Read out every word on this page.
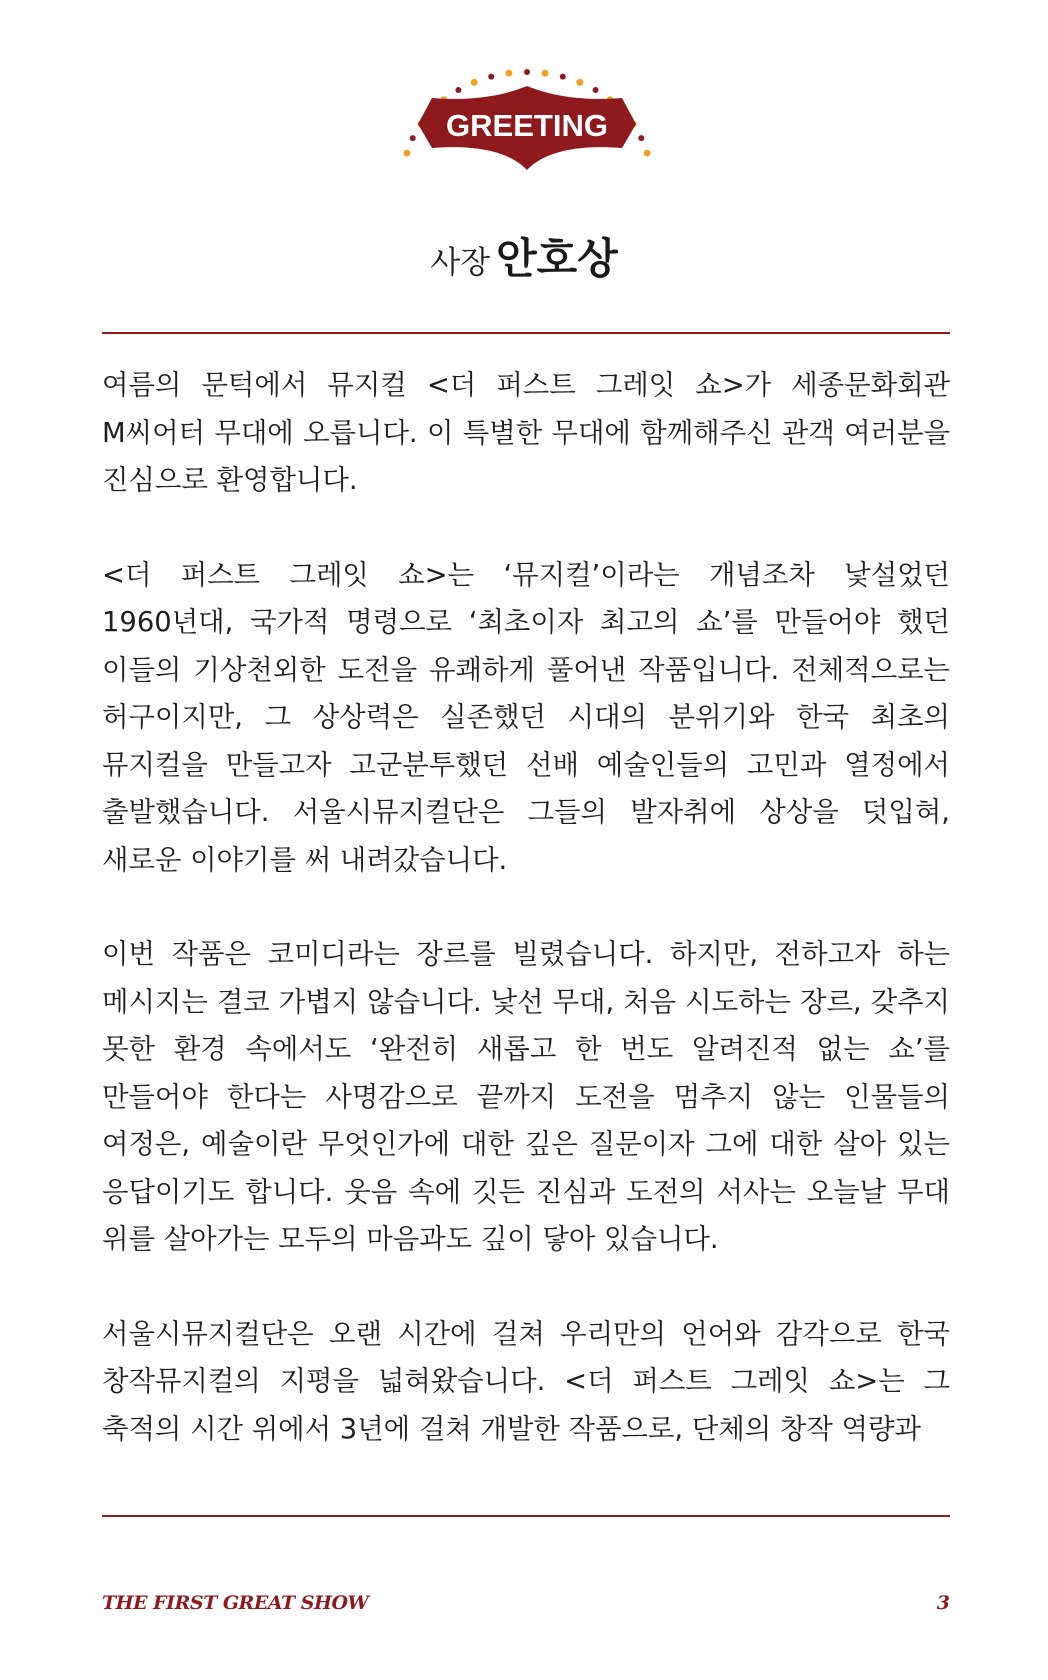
GREETING
사장 안호상

여름의 문턱에서 뮤지컬 <더 퍼스트 그레잇 쇼>가 세종문화회관 M씨어터 무대에 오릅니다. 이 특별한 무대에 함께해주신 관객 여러분을 진심으로 환영합니다.

<더 퍼스트 그레잇 쇼>는 ‘뮤지컬’이라는 개념조차 낯설었던 1960년대, 국가적 명령으로 ‘최초이자 최고의 쇼’를 만들어야 했던 이들의 기상천외한 도전을 유쾌하게 풀어낸 작품입니다. 전체적으로는 허구이지만, 그 상상력은 실존했던 시대의 분위기와 한국 최초의 뮤지컬을 만들고자 고군분투했던 선배 예술인들의 고민과 열정에서 출발했습니다. 서울시뮤지컬단은 그들의 발자취에 상상을 덧입혀, 새로운 이야기를 써 내려갔습니다.

이번 작품은 코미디라는 장르를 빌렸습니다. 하지만, 전하고자 하는 메시지는 결코 가볍지 않습니다. 낯선 무대, 처음 시도하는 장르, 갖추지 못한 환경 속에서도 ‘완전히 새롭고 한 번도 알려진적 없는 쇼’를 만들어야 한다는 사명감으로 끝까지 도전을 멈추지 않는 인물들의 여정은, 예술이란 무엇인가에 대한 깊은 질문이자 그에 대한 살아 있는 응답이기도 합니다. 웃음 속에 깃든 진심과 도전의 서사는 오늘날 무대 위를 살아가는 모두의 마음과도 깊이 닿아 있습니다.

서울시뮤지컬단은 오랜 시간에 걸쳐 우리만의 언어와 감각으로 한국 창작뮤지컬의 지평을 넓혀왔습니다. <더 퍼스트 그레잇 쇼>는 그 축적의 시간 위에서 3년에 걸쳐 개발한 작품으로, 단체의 창작 역량과

THE FIRST GREAT SHOW	3
